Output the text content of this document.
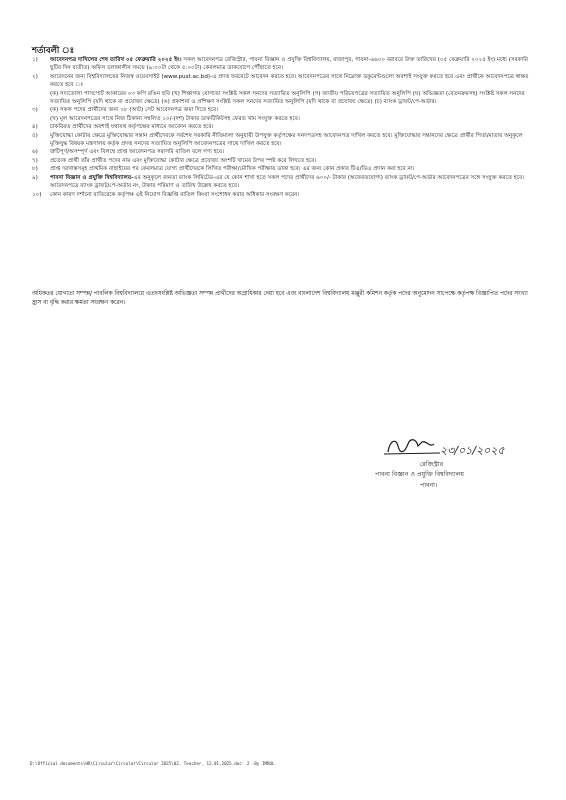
শর্তাবলী ঃ
১)	আবেদনপত্র দাখিলের শেষ তারিখ ০৫ ফেব্রুয়ারি ২০২৫ ইং। সকল আবেদনপত্র রেজিস্ট্রার, পাবনা বিজ্ঞান ও প্রযুক্তি বিশ্ববিদ্যালয়, রাজাপুর, পাবনা-৬৬০০ বরাবরে উক্ত তারিখের (০৫ ফেব্রুয়ারি ২০২৫ ইং) মধ্যে (সরকারি ছুটির দিন ব্যতীত) অফিস চলাকালীন সময়ে (৯:০০টা থেকে ৫:০০টা) কেবলমাত্র ডাকযোগে পৌঁছাতে হবে।
২)	আবেদনের জন্য বিশ্ববিদ্যালয়ের নিজস্ব ওয়েবসাইট (www.pust.ac.bd)-এ প্রদত্ত ফরমেটে আবেদন করতে হবে। আবেদনপত্রের সাথে নিম্নোক্ত ডকুমেন্টগুলো অবশ্যই সংযুক্ত করতে হবে এবং প্রার্থীকে আবেদনপত্রে স্বাক্ষর করতে হবে ঃ
(ক) সদ্যতোলা পাসপোর্ট আকারের ০৩ কপি রঙিন ছবি (খ) শিক্ষাগত যোগ্যতা সংশ্লিষ্ট সকল সনদের সত্যায়িত অনুলিপি (গ) জাতীয় পরিচয়পত্রের সত্যায়িত অনুলিপি (ঘ) অভিজ্ঞতা (বেতনক্রমসহ) সংশ্লিষ্ট সকল সনদের সত্যায়িত অনুলিপি (যদি থাকে বা প্রযোজ্য ক্ষেত্রে) (ঙ) প্রকাশনা ও প্রশিক্ষণ সংশ্লিষ্ট সকল সনদের সত্যায়িত অনুলিপি (যদি থাকে বা প্রযোজ্য ক্ষেত্রে) (চ) ব্যাংক ড্রাফট/পে-অর্ডার।
৩)	(ক) সকল পদের প্রার্থীদের জন্য ০৮ (আট) সেট আবেদনপত্র জমা দিতে হবে।
(খ) মূল আবেদনপত্রের সাথে নিজ ঠিকানা সম্বলিত ১০/-(দশ) টাকার ডাকটিকিটসহ ফেরত খাম সংযুক্ত করতে হবে।
৪)	চাকরিরত প্রার্থীদের অবশ্যই যথাযথ কর্তৃপক্ষের মাধ্যমে আবেদন করতে হবে।
৫)	মুক্তিযোদ্ধা কোটার ক্ষেত্রে মুক্তিযোদ্ধার সন্তান প্রার্থীদেরকে সর্বশেষ সরকারি নীতিমালা অনুযায়ী উপযুক্ত কর্তৃপক্ষের সনদপত্রসহ আবেদনপত্র দাখিল করতে হবে। মুক্তিযোদ্ধার সন্তানদের ক্ষেত্রে প্রার্থীর পিতা/মাতার অনুকূলে মুক্তিযুদ্ধ বিষয়ক মন্ত্রণালয় কর্তৃক প্রদত্ত সনদের সত্যায়িত অনুলিপি আবেদনপত্রের সাথে দাখিল করতে হবে।
৬)	ত্রুটিপূর্ণ/অসম্পূর্ণ এবং বিলম্বে প্রাপ্ত আবেদনপত্র সরাসরি বাতিল বলে গণ্য হবে।
৭)	প্রত্যেক প্রার্থী তাঁর প্রার্থীত পদের নাম এবং মুক্তিযোদ্ধা কোটার ক্ষেত্রে প্রযোজ্য অংশটি খামের উপর স্পষ্ট করে লিখতে হবে।
৮)	প্রাপ্ত দরখাস্তসমূহ প্রাথমিক বাছাইয়ের পর কেবলমাত্র যোগ্য প্রার্থীদেরকে লিখিত পরীক্ষা/মৌখিক পরীক্ষায় ডাকা হবে। এর জন্য কোন প্রকার টিএ/ডিএ প্রদান করা হবে না।
৯)	পাবনা বিজ্ঞান ও প্রযুক্তি বিশ্ববিদ্যালয়-এর অনুকূলে জনতা ব্যাংক লিমিটেড-এর যে কোন শাখা হতে সকল পদের প্রার্থীদের ৬০০/- টাকার (অফেরতযোগ্য) ব্যাংক ড্রাফট/পে-অর্ডার আবেদনপত্রের সঙ্গে সংযুক্ত করতে হবে। আবেদনপত্রে ব্যাংক ড্রাফট/পে-অর্ডার নং, টাকার পরিমাণ ও তারিখ উল্লেখ করতে হবে।
১০)	কোন কারণ দর্শানো ব্যতিরেকে কর্তৃপক্ষ এই নিয়োগ বিজ্ঞপ্তি বাতিল কিংবা সংশোধন করার অধিকার সংরক্ষণ করেন।
অধিকতর যোগ্যতা সম্পন্ন/ পাবলিক বিশ্ববিদ্যালয়ে এতদসংশ্লিষ্ট অভিজ্ঞতা সম্পন্ন প্রার্থীদের অগ্রাধিকার দেয়া হবে এবং বাংলাদেশ বিশ্ববিদ্যালয় মঞ্জুরী কমিশন কর্তৃক পদের অনুমোদন সাপেক্ষে কর্তৃপক্ষ বিজ্ঞাপিত পদের সংখ্যা হ্রাস বা বৃদ্ধি করার ক্ষমতা সংরক্ষণ করেন।
২৩/০১/২০২৫
রেজিস্ট্রার
পাবনা বিজ্ঞান ও প্রযুক্তি বিশ্ববিদ্যালয়
পাবনা।
D:\Official documents\HR\Circular\Circular\Circular 2025\02. Teacher_ 12.01.2025.doc- 2 -By IMRUL
